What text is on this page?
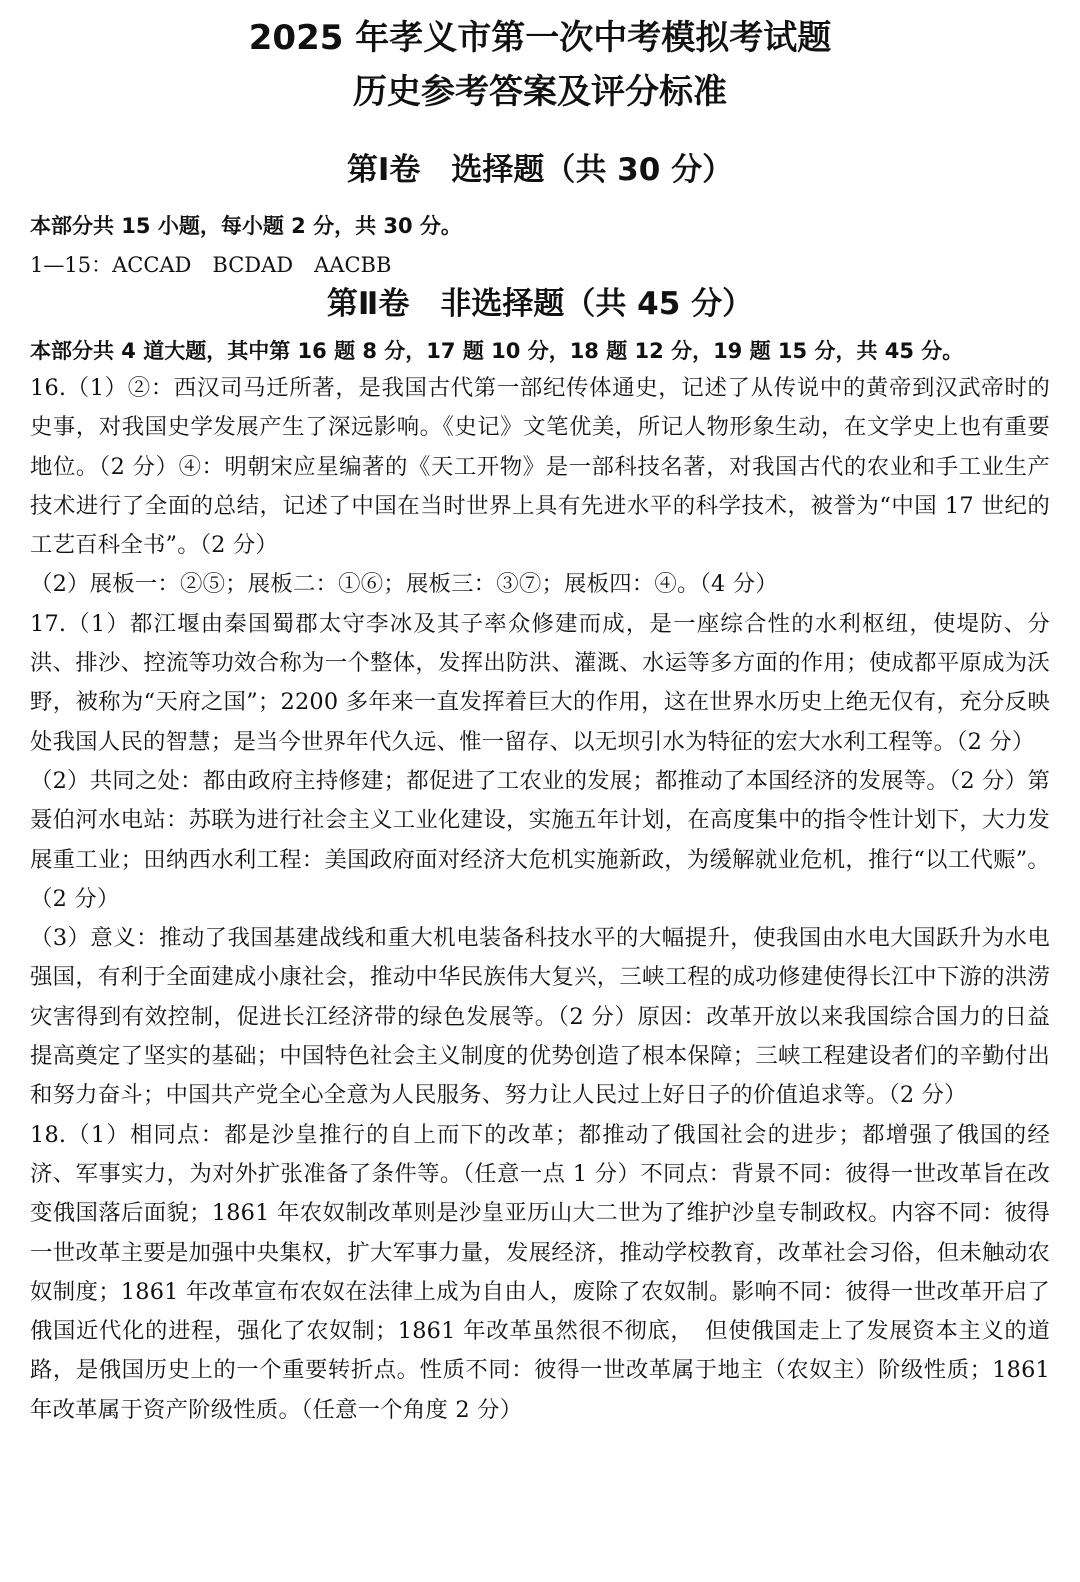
2025 年孝义市第一次中考模拟考试题
历史参考答案及评分标准
第Ⅰ卷　选择题（共 30 分）
本部分共 15 小题，每小题 2 分，共 30 分。
1—15：ACCAD　BCDAD　AACBB
第Ⅱ卷　非选择题（共 45 分）
本部分共 4 道大题，其中第 16 题 8 分，17 题 10 分，18 题 12 分，19 题 15 分，共 45 分。

16.（1）②：西汉司马迁所著，是我国古代第一部纪传体通史，记述了从传说中的黄帝到汉武帝时的史事，对我国史学发展产生了深远影响。《史记》文笔优美，所记人物形象生动，在文学史上也有重要地位。（2 分）④：明朝宋应星编著的《天工开物》是一部科技名著，对我国古代的农业和手工业生产技术进行了全面的总结，记述了中国在当时世界上具有先进水平的科学技术，被誉为“中国 17 世纪的工艺百科全书”。（2 分）

（2）展板一：②⑤；展板二：①⑥；展板三：③⑦；展板四：④。（4 分）

17.（1）都江堰由秦国蜀郡太守李冰及其子率众修建而成，是一座综合性的水利枢纽，使堤防、分洪、排沙、控流等功效合称为一个整体，发挥出防洪、灌溉、水运等多方面的作用；使成都平原成为沃野，被称为“天府之国”；2200 多年来一直发挥着巨大的作用，这在世界水历史上绝无仅有，充分反映处我国人民的智慧；是当今世界年代久远、惟一留存、以无坝引水为特征的宏大水利工程等。（2 分）

（2）共同之处：都由政府主持修建；都促进了工农业的发展；都推动了本国经济的发展等。（2 分）第聂伯河水电站：苏联为进行社会主义工业化建设，实施五年计划，在高度集中的指令性计划下，大力发展重工业；田纳西水利工程：美国政府面对经济大危机实施新政，为缓解就业危机，推行“以工代赈”。（2 分）

（3）意义：推动了我国基建战线和重大机电装备科技水平的大幅提升，使我国由水电大国跃升为水电强国，有利于全面建成小康社会，推动中华民族伟大复兴，三峡工程的成功修建使得长江中下游的洪涝灾害得到有效控制，促进长江经济带的绿色发展等。（2 分）原因：改革开放以来我国综合国力的日益提高奠定了坚实的基础；中国特色社会主义制度的优势创造了根本保障；三峡工程建设者们的辛勤付出和努力奋斗；中国共产党全心全意为人民服务、努力让人民过上好日子的价值追求等。（2 分）

18.（1）相同点：都是沙皇推行的自上而下的改革；都推动了俄国社会的进步；都增强了俄国的经济、军事实力，为对外扩张准备了条件等。（任意一点 1 分）不同点：背景不同：彼得一世改革旨在改变俄国落后面貌；1861 年农奴制改革则是沙皇亚历山大二世为了维护沙皇专制政权。内容不同：彼得一世改革主要是加强中央集权，扩大军事力量，发展经济，推动学校教育，改革社会习俗，但未触动农奴制度；1861 年改革宣布农奴在法律上成为自由人，废除了农奴制。影响不同：彼得一世改革开启了俄国近代化的进程，强化了农奴制；1861 年改革虽然很不彻底，　但使俄国走上了发展资本主义的道路，是俄国历史上的一个重要转折点。性质不同：彼得一世改革属于地主（农奴主）阶级性质；1861 年改革属于资产阶级性质。（任意一个角度 2 分）
